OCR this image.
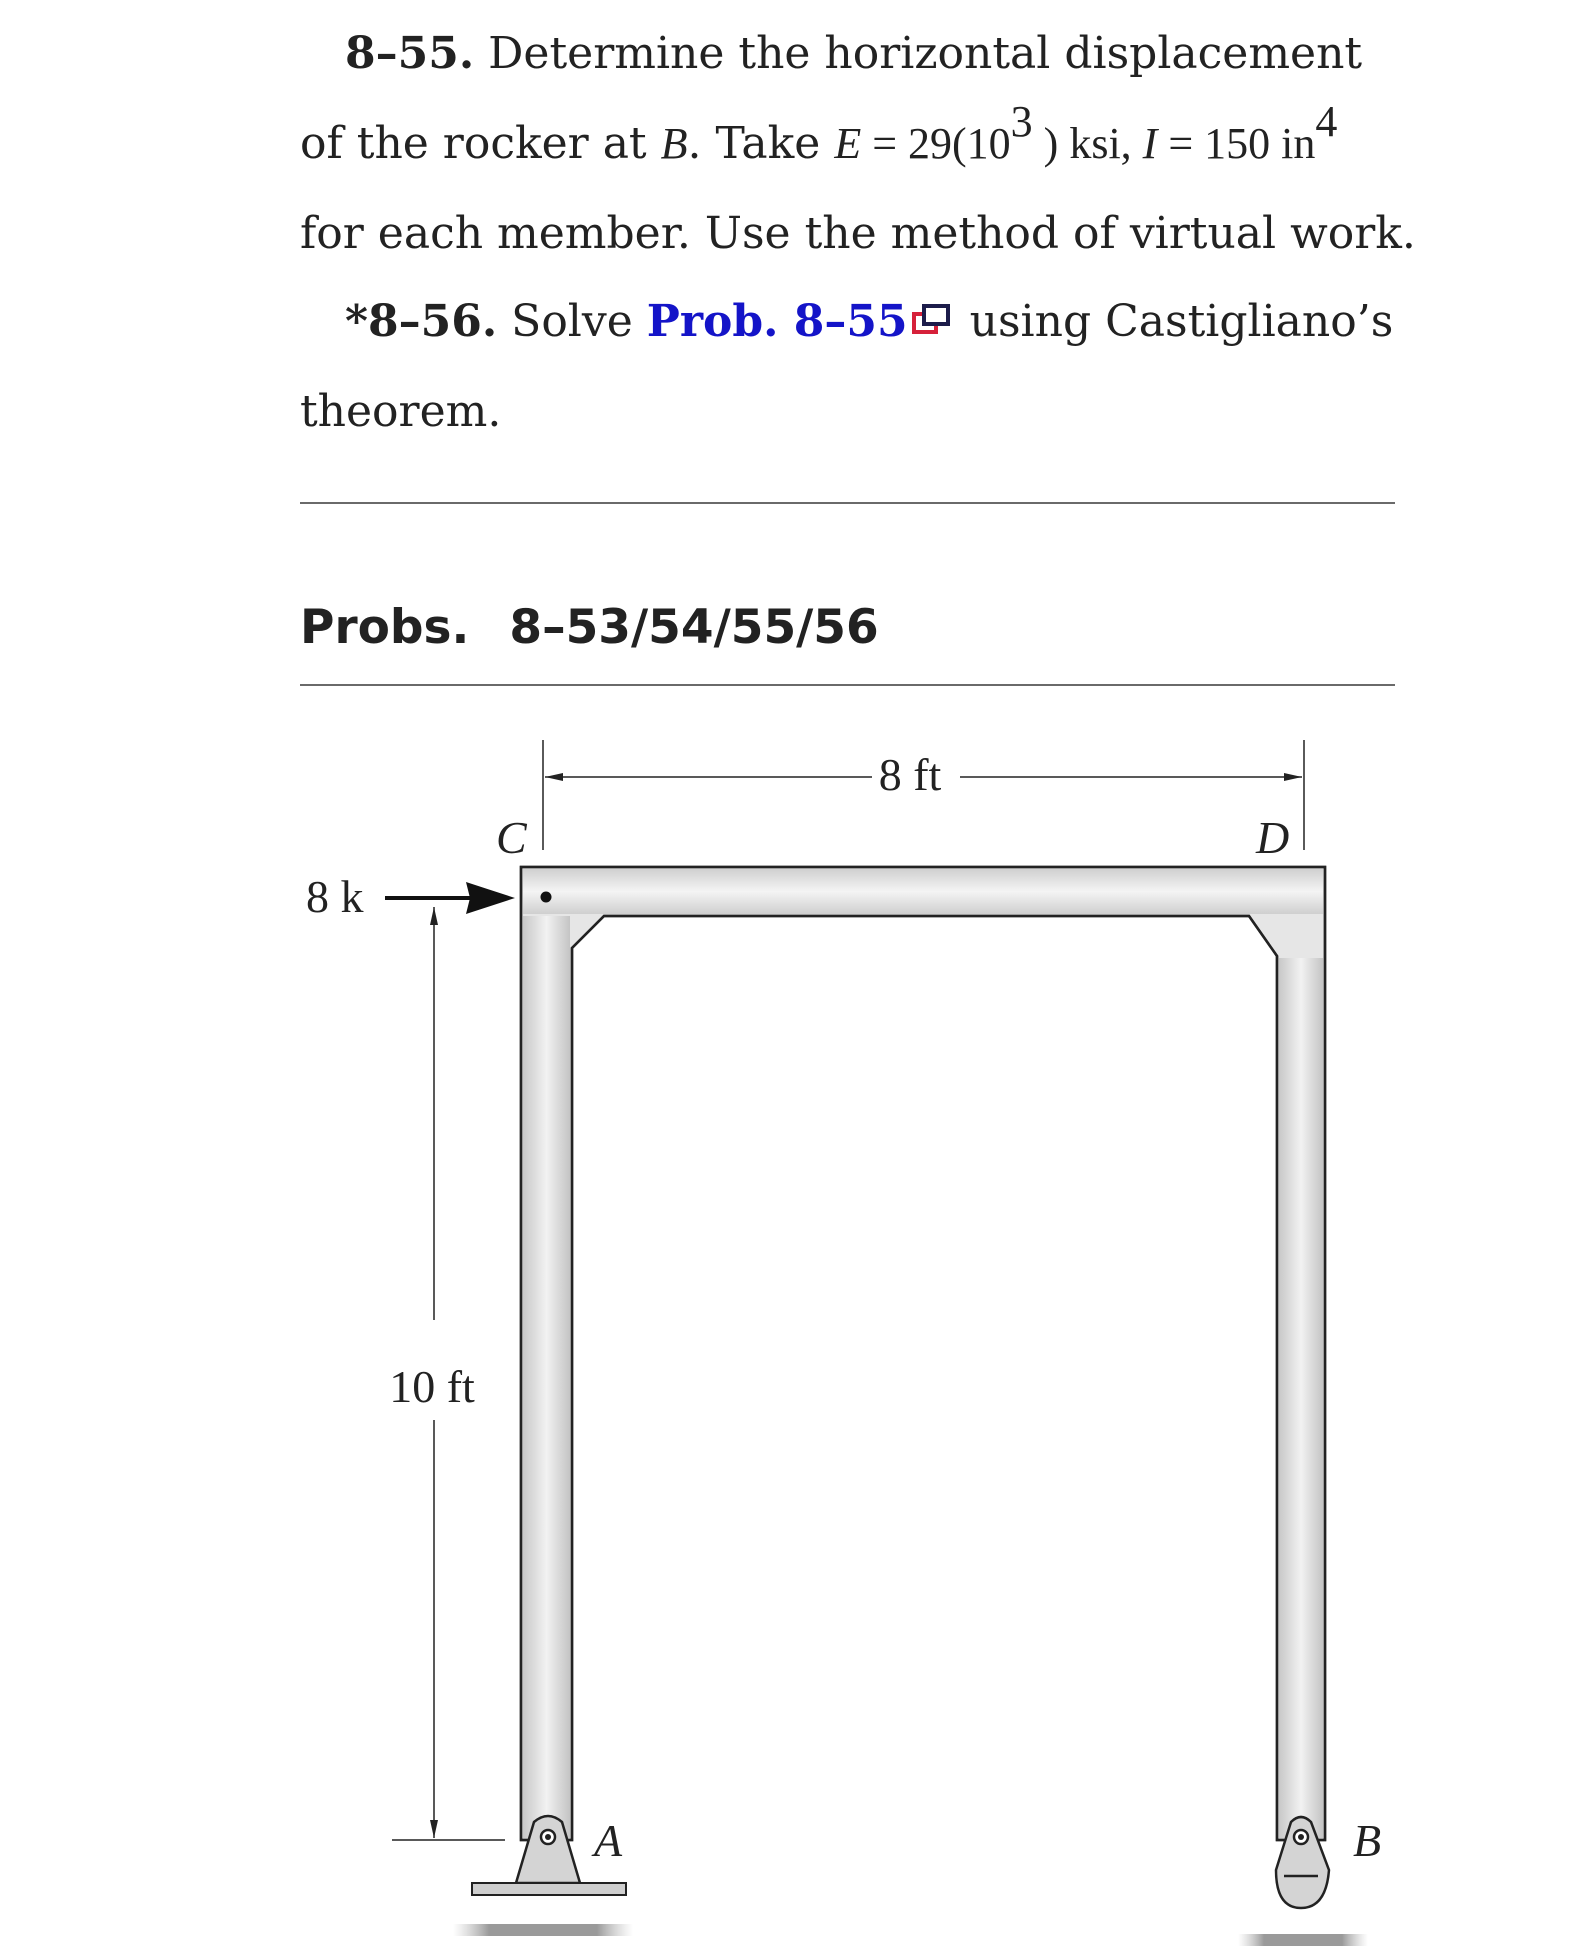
8–55. Determine the horizontal displacement
of the rocker at B. Take $E = 29(10^3$ ) ksi, I = 150 $in^4$
for each member. Use the method of virtual work.
*8–56. Solve Prob. 8–55
using Castigliano’s
theorem.
Probs. 8–53/54/55/56
8 ft
10 ft
8 k
C	D
A	B
